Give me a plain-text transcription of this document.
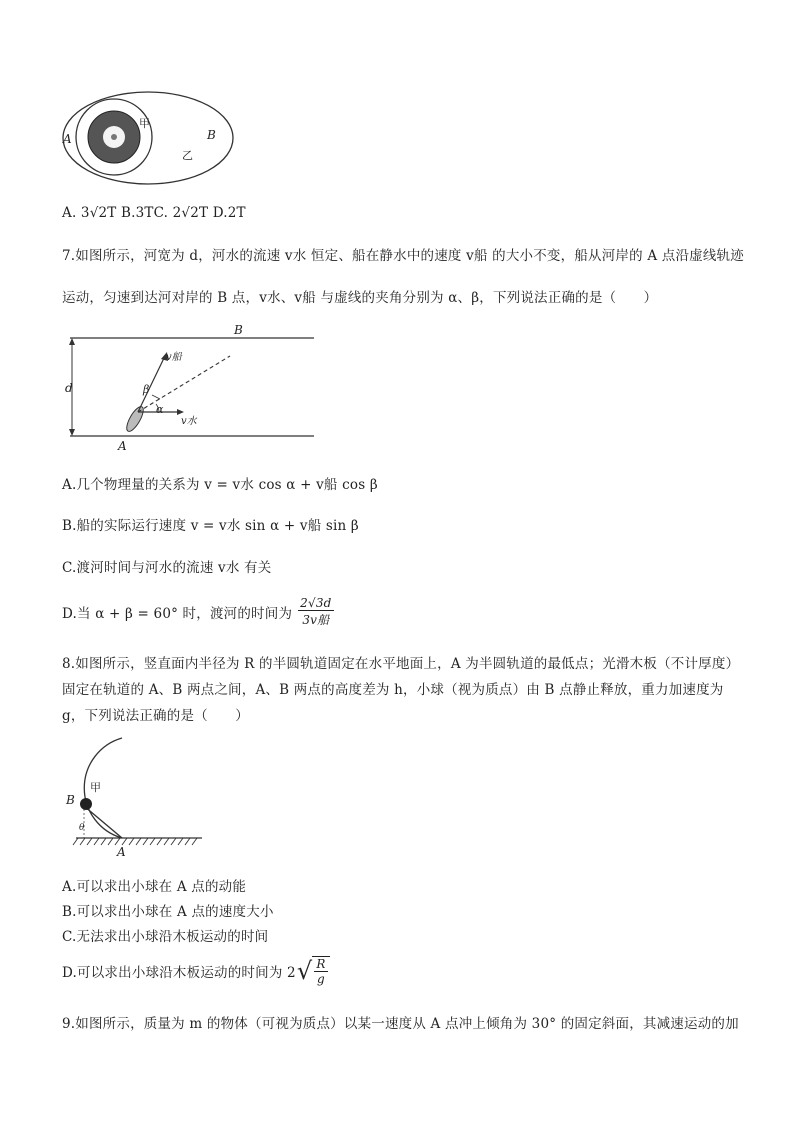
A
甲
B
乙
A. 3√2T B.3TC. 2√2T D.2T
7.如图所示，河宽为 d，河水的流速 v水 恒定、船在静水中的速度 v船 的大小不变，船从河岸的 A 点沿虚线轨迹
运动，匀速到达河对岸的 B 点，v水、v船 与虚线的夹角分别为 α、β，下列说法正确的是（　　）
d
B
v船
β
α
v水
A
A.几个物理量的关系为 v = v水 cos α + v船 cos β
B.船的实际运行速度 v = v水 sin α + v船 sin β
C.渡河时间与河水的流速 v水 有关
D.当 α + β = 60° 时，渡河的时间为
2√3d
3v船
8.如图所示，竖直面内半径为 R 的半圆轨道固定在水平地面上，A 为半圆轨道的最低点；光滑木板（不计厚度）
固定在轨道的 A、B 两点之间，A、B 两点的高度差为 h，小球（视为质点）由 B 点静止释放，重力加速度为
g，下列说法正确的是（　　）
甲
B
θ
A
A.可以求出小球在 A 点的动能
B.可以求出小球在 A 点的速度大小
C.无法求出小球沿木板运动的时间
D.可以求出小球沿木板运动的时间为 2 √ $\frac{R}{g}$
9.如图所示，质量为 m 的物体（可视为质点）以某一速度从 A 点冲上倾角为 30° 的固定斜面，其减速运动的加
